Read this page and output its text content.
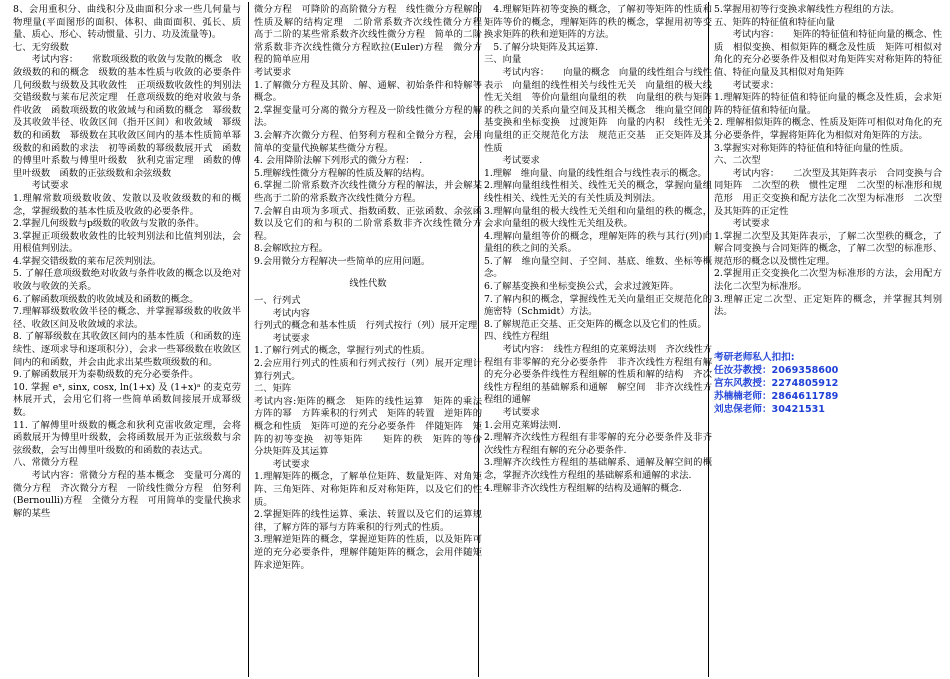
8、会用重积分、曲线积分及曲面积分求一些几何量与物理量(平面图形的面积、体积、曲面面积、弧长、质量、质心、形心、转动惯量、引力、功及流量等)。

七、无穷级数

考试内容：　　常数项级数的收敛与发散的概念　收敛级数的和的概念　级数的基本性质与收敛的必要条件　几何级数与级数及其收敛性　正项级数收敛性的判别法　交错级数与莱布尼茨定理　任意项级数的绝对收敛与条件收敛　函数项级数的收敛域与和函数的概念　幂级数及其收敛半径、收敛区间（指开区间）和收敛域　幂级数的和函数　幂级数在其收敛区间内的基本性质简单幂级数的和函数的求法　初等函数的幂级数展开式　函数的傅里叶系数与傅里叶级数　狄利克雷定理　函数的傅里叶级数　函数的正弦级数和余弦级数

考试要求

1.理解常数项级数收敛、发散以及收敛级数的和的概念，掌握级数的基本性质及收敛的必要条件。

2.掌握几何级数与p级数的收敛与发散的条件。

3.掌握正项级数收敛性的比较判别法和比值判别法，会用根值判别法。

4.掌握交错级数的莱布尼茨判别法。

5. 了解任意项级数绝对收敛与条件收敛的概念以及绝对收敛与收敛的关系。

6.了解函数项级数的收敛域及和函数的概念。

7.理解幂级数收敛半径的概念、并掌握幂级数的收敛半径、收敛区间及收敛域的求法。

8. 了解幂级数在其收敛区间内的基本性质（和函数的连续性、逐项求导和逐项积分），会求一些幂级数在收敛区间内的和函数，并会由此求出某些数项级数的和。

9.了解函数展开为泰勒级数的充分必要条件。

10. 掌握 eˣ, sinx, cosx, ln(1+x) 及 (1+x)ᵃ 的麦克劳林展开式，会用它们将一些简单函数间接展开成幂级数。

11. 了解傅里叶级数的概念和狄利克雷收敛定理，会将函数展开为傅里叶级数，会将函数展开为正弦级数与余弦级数，会写出傅里叶级数的和函数的表达式。

八、常微分方程

考试内容：常微分方程的基本概念　变量可分离的微分方程　齐次微分方程　一阶线性微分方程　伯努利(Bernoulli)方程　全微分方程　可用简单的变量代换求解的某些

微分方程　可降阶的高阶微分方程　线性微分方程解的性质及解的结构定理　二阶常系数齐次线性微分方程　高于二阶的某些常系数齐次线性微分方程　简单的二阶常系数非齐次线性微分方程欧拉(Euler)方程　微分方程的简单应用

考试要求

1.了解微分方程及其阶、解、通解、初始条件和特解等概念。

2.掌握变量可分离的微分方程及一阶线性微分方程的解法。

3.会解齐次微分方程、伯努利方程和全微分方程，会用简单的变量代换解某些微分方程。

4. 会用降阶法解下列形式的微分方程：　.

5.理解线性微分方程解的性质及解的结构。

6.掌握二阶常系数齐次线性微分方程的解法，并会解某些高于二阶的常系数齐次线性微分方程。

7.会解自由项为多项式、指数函数、正弦函数、余弦函数以及它们的和与积的二阶常系数非齐次线性微分方程。

8.会解欧拉方程。

9.会用微分方程解决一些简单的应用问题。

线性代数

一、行列式

考试内容

行列式的概念和基本性质　行列式按行（列）展开定理

考试要求

1.了解行列式的概念，掌握行列式的性质。

2.会应用行列式的性质和行列式按行（列）展开定理计算行列式。

二、矩阵

考试内容:矩阵的概念　矩阵的线性运算　矩阵的乘法　方阵的幂　方阵乘积的行列式　矩阵的转置　逆矩阵的概念和性质　矩阵可逆的充分必要条件　伴随矩阵　矩阵的初等变换　初等矩阵　　矩阵的秩　矩阵的等价　分块矩阵及其运算

考试要求

1.理解矩阵的概念，了解单位矩阵、数量矩阵、对角矩阵、三角矩阵、对称矩阵和反对称矩阵，以及它们的性质。

2.掌握矩阵的线性运算、乘法、转置以及它们的运算规律，了解方阵的幂与方阵乘积的行列式的性质。

3.理解逆矩阵的概念，掌握逆矩阵的性质，以及矩阵可逆的充分必要条件，理解伴随矩阵的概念，会用伴随矩阵求逆矩阵。

4.理解矩阵初等变换的概念，了解初等矩阵的性质和矩阵等价的概念，理解矩阵的秩的概念，掌握用初等变换求矩阵的秩和逆矩阵的方法。

5.了解分块矩阵及其运算.

三、向量

考试内容：　　向量的概念　向量的线性组合与线性表示　向量组的线性相关与线性无关　向量组的极大线性无关组　等价向量组向量组的秩　向量组的秩与矩阵的秩之间的关系向量空间及其相关概念　维向量空间的基变换和坐标变换　过渡矩阵　向量的内积　线性无关向量组的正交规范化方法　规范正交基　正交矩阵及其性质

考试要求

1.理解　维向量、向量的线性组合与线性表示的概念。

2.理解向量组线性相关、线性无关的概念，掌握向量组线性相关、线性无关的有关性质及判别法。

3.理解向量组的极大线性无关组和向量组的秩的概念，会求向量组的极大线性无关组及秩。

4.理解向量组等价的概念，理解矩阵的秩与其行(列)向量组的秩之间的关系。

5.了解　维向量空间、子空间、基底、维数、坐标等概念。

6.了解基变换和坐标变换公式，会求过渡矩阵。

7.了解内积的概念，掌握线性无关向量组正交规范化的施密特（Schmidt）方法。

8.了解规范正交基、正交矩阵的概念以及它们的性质。

四、线性方程组

考试内容：　线性方程组的克莱姆法则　齐次线性方程组有非零解的充分必要条件　非齐次线性方程组有解的充分必要条件线性方程组解的性质和解的结构　齐次线性方程组的基础解系和通解　解空间　非齐次线性方程组的通解

考试要求

1.会用克莱姆法则.

2.理解齐次线性方程组有非零解的充分必要条件及非齐次线性方程组有解的充分必要条件.

3.理解齐次线性方程组的基础解系、通解及解空间的概念，掌握齐次线性方程组的基础解系和通解的求法.

4.理解非齐次线性方程组解的结构及通解的概念.

5.掌握用初等行变换求解线性方程组的方法。

五、矩阵的特征值和特征向量

考试内容：　　矩阵的特征值和特征向量的概念、性质　相似变换、相似矩阵的概念及性质　矩阵可相似对角化的充分必要条件及相似对角矩阵实对称矩阵的特征值、特征向量及其相似对角矩阵

考试要求：

1.理解矩阵的特征值和特征向量的概念及性质，会求矩阵的特征值和特征向量。

2. 理解相似矩阵的概念、性质及矩阵可相似对角化的充分必要条件，掌握将矩阵化为相似对角矩阵的方法。

3.掌握实对称矩阵的特征值和特征向量的性质。

六、二次型

考试内容：　　二次型及其矩阵表示　合同变换与合同矩阵　二次型的秩　惯性定理　二次型的标准形和规范形　用正交变换和配方法化二次型为标准形　二次型及其矩阵的正定性

考试要求

1.掌握二次型及其矩阵表示，了解二次型秩的概念，了解合同变换与合同矩阵的概念，了解二次型的标准形、规范形的概念以及惯性定理。

2.掌握用正交变换化二次型为标准形的方法，会用配方法化二次型为标准形。

3.理解正定二次型、正定矩阵的概念，并掌握其判别法。

考研老师私人扣扣:

任汝芬教授：2069358600

宫东风教授：2274805912

苏楠楠老师：2864611789

刘忠保老师：30421531
